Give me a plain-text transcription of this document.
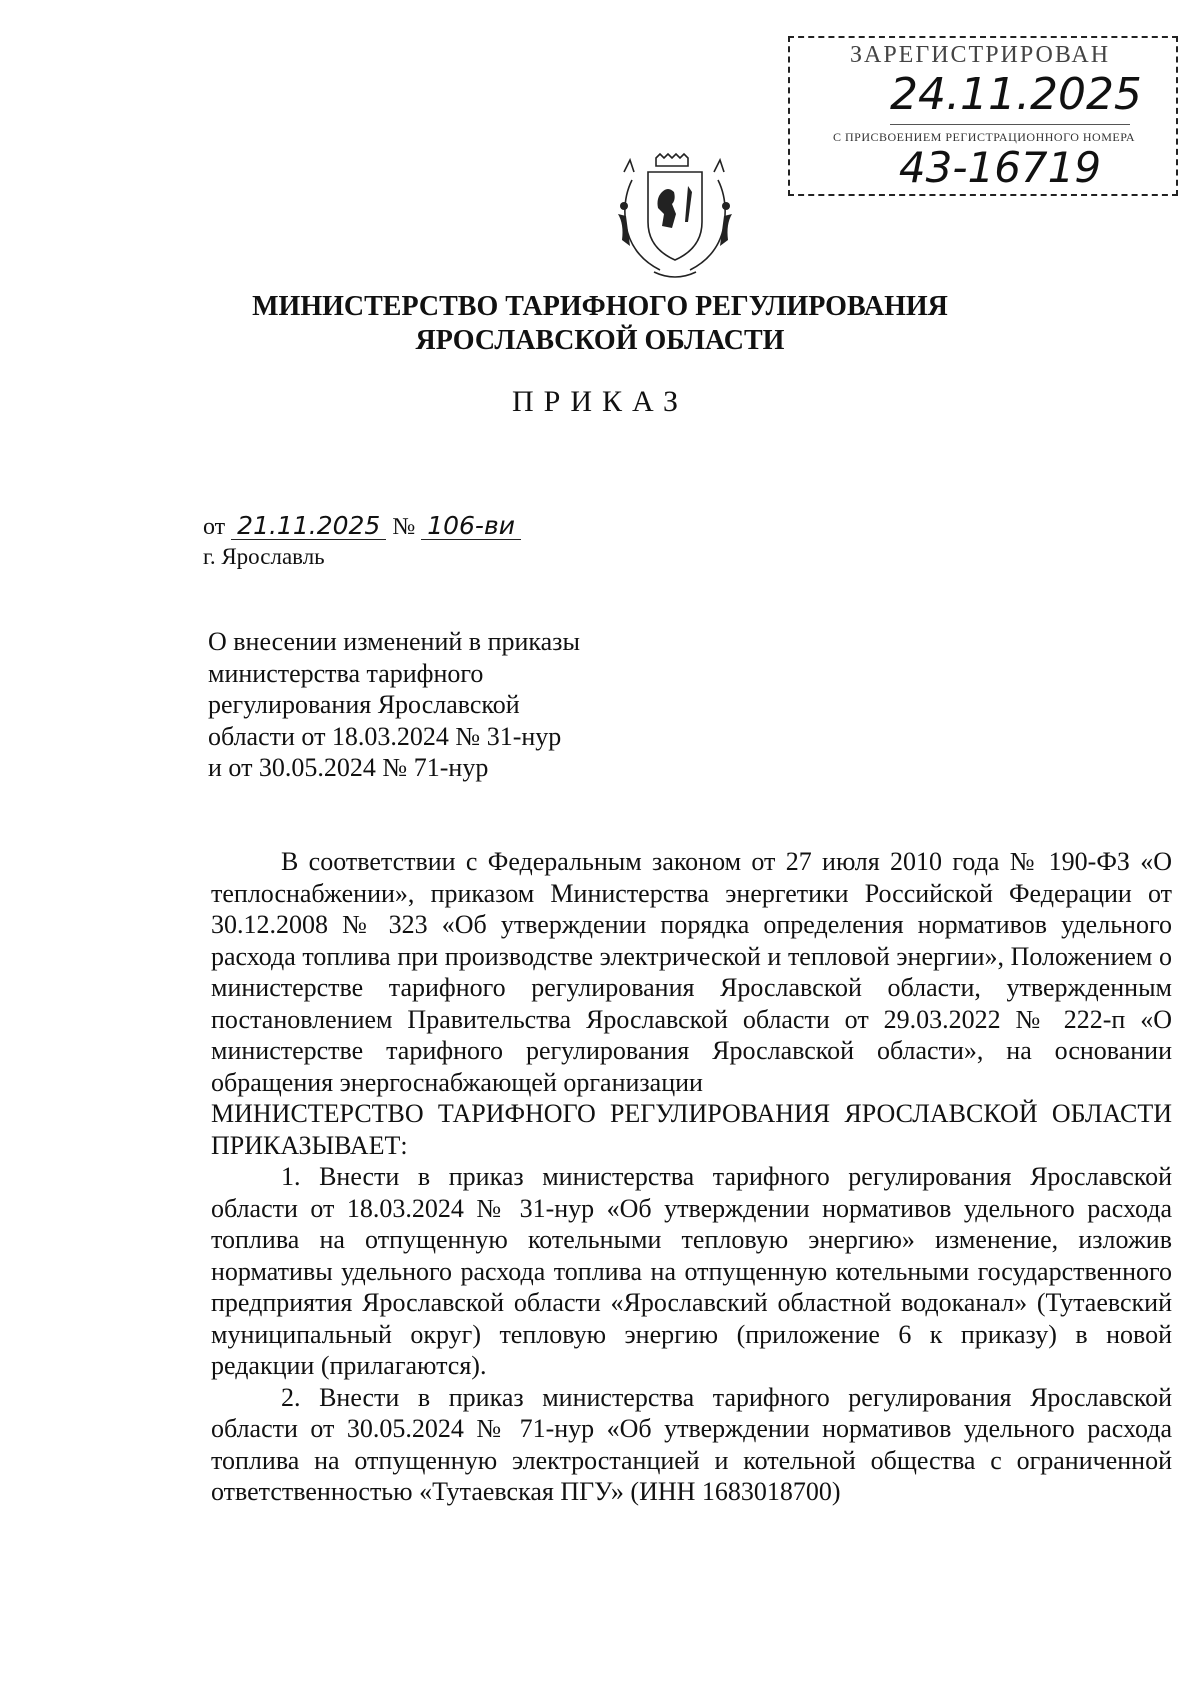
ЗАРЕГИСТРИРОВАН
24.11.2025
С ПРИСВОЕНИЕМ РЕГИСТРАЦИОННОГО НОМЕРА
43-16719
МИНИСТЕРСТВО ТАРИФНОГО РЕГУЛИРОВАНИЯ
ЯРОСЛАВСКОЙ ОБЛАСТИ
ПРИКАЗ
от 21.11.2025 № 106-ви
г. Ярославль
О внесении изменений в приказы
министерства тарифного
регулирования Ярославской
области от 18.03.2024 № 31-нур
и от 30.05.2024 № 71-нур

В соответствии с Федеральным законом от 27 июля 2010 года № 190-ФЗ «О теплоснабжении», приказом Министерства энергетики Российской Федерации от 30.12.2008 № 323 «Об утверждении порядка определения нормативов удельного расхода топлива при производстве электрической и тепловой энергии», Положением о министерстве тарифного регулирования Ярославской области, утвержденным постановлением Правительства Ярославской области от 29.03.2022 № 222-п «О министерстве тарифного регулирования Ярославской области», на основании обращения энергоснабжающей организации

МИНИСТЕРСТВО ТАРИФНОГО РЕГУЛИРОВАНИЯ ЯРОСЛАВСКОЙ ОБЛАСТИ ПРИКАЗЫВАЕТ:

1. Внести в приказ министерства тарифного регулирования Ярославской области от 18.03.2024 № 31-нур «Об утверждении нормативов удельного расхода топлива на отпущенную котельными тепловую энергию» изменение, изложив нормативы удельного расхода топлива на отпущенную котельными государственного предприятия Ярославской области «Ярославский областной водоканал» (Тутаевский муниципальный округ) тепловую энергию (приложение 6 к приказу) в новой редакции (прилагаются).

2. Внести в приказ министерства тарифного регулирования Ярославской области от 30.05.2024 № 71-нур «Об утверждении нормативов удельного расхода топлива на отпущенную электростанцией и котельной общества с ограниченной ответственностью «Тутаевская ПГУ» (ИНН 1683018700)
